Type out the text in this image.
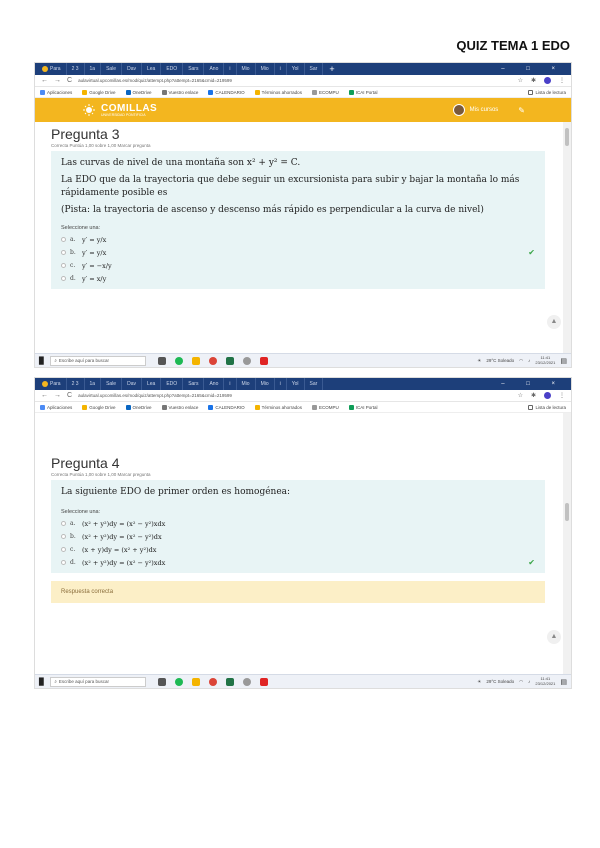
QUIZ TEMA 1 EDO
Para	2 3	1a	Sale	Dav	Lea	EDO	Sars	Ano	i	Mio	Mio	i	Yol	Sar	+	– □ ×
← → C aulavirtual.upcomillas.es/mod/quiz/attempt.php?attempt=2165&cmid=219599	☆ ✱	⋮
Aplicaciones	Google Drive	OneDrive	Vuestro enlace	CALENDARIO	Términos ahorrados	ECOMPU	ICAI Portal	Lista de lectura
COMILLAS
UNIVERSIDAD PONTIFICIA
Mis cursos	✎
Pregunta 3
Correcta Puntúa 1,00 sobre 1,00 Marcar pregunta
Las curvas de nivel de una montaña son x² + y² = C.
La EDO que da la trayectoria que debe seguir un excursionista para subir y bajar la montaña lo más rápidamente posible es
(Pista: la trayectoria de ascenso y descenso más rápido es perpendicular a la curva de nivel)
Seleccione una:
a.	y′ = y/x
b. y′ = y/x	✔
c.	y′ = −x/y
d. y′ = x/y
▲
▉ ⌕ Escribe aquí para buscar	☀ 29°C Soleado ◠ ♪
11:41
23/12/2021 ▤
Para	2 3	1a	Sale	Dav	Lea	EDO	Sars	Ano	i	Mio	Mio	i	Yol	Sar	– □ ×
← → C aulavirtual.upcomillas.es/mod/quiz/attempt.php?attempt=2165&cmid=219599	☆ ✱	⋮
Aplicaciones	Google Drive	OneDrive	Vuestro enlace	CALENDARIO	Términos ahorrados	ECOMPU	ICAI Portal	Lista de lectura
Pregunta 4
Correcta Puntúa 1,00 sobre 1,00 Marcar pregunta
La siguiente EDO de primer orden es homogénea:
Seleccione una:
a.	(x² + y²)dy = (x² − y²)xdx
b. (x² + y²)dy = (x² − y²)dx
c.	(x + y)dy = (x² + y²)dx
d. (x² + y²)dy = (x² − y²)xdx	✔
Respuesta correcta
▲
▉ ⌕ Escribe aquí para buscar	☀ 29°C Soleado ◠ ♪
11:41
23/12/2021 ▤
